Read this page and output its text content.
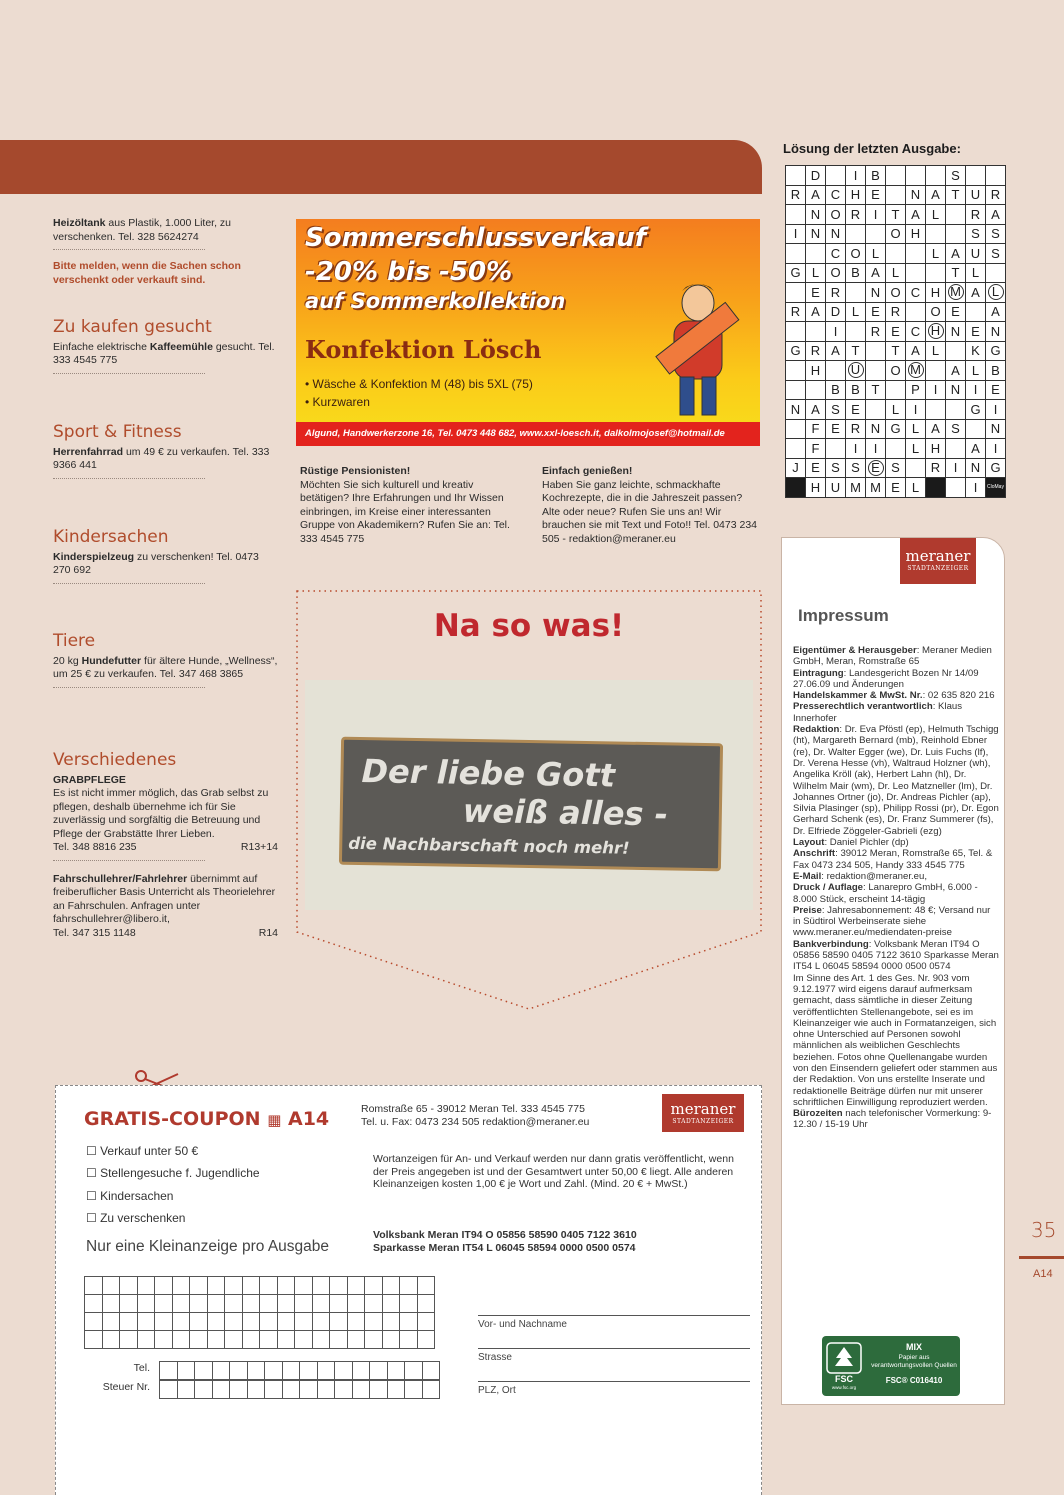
Heizöltank aus Plastik, 1.000 Liter, zu verschenken. Tel. 328 5624274
Bitte melden, wenn die Sachen schon verschenkt oder verkauft sind.
Zu kaufen gesucht
Einfache elektrische Kaffeemühle gesucht. Tel. 333 4545 775
Sport & Fitness
Herrenfahrrad um 49 € zu verkaufen. Tel. 333 9366 441
Kindersachen
Kinderspielzeug zu verschenken! Tel. 0473 270 692
Tiere
20 kg Hundefutter für ältere Hunde, „Wellness“, um 25 € zu verkaufen. Tel. 347 468 3865
Verschiedenes
GRABPFLEGE
Es ist nicht immer möglich, das Grab selbst zu pflegen, deshalb übernehme ich für Sie zuverlässig und sorgfältig die Betreuung und Pflege der Grabstätte Ihrer Lieben.
Tel. 348 8816 235	R13+14
Fahrschullehrer/Fahrlehrer übernimmt auf freiberuflicher Basis Unterricht als Theorielehrer an Fahrschulen. Anfragen unter fahrschullehrer@libero.it,
Tel. 347 315 1148	R14
Sommerschlussverkauf
-20% bis -50%
auf Sommerkollektion
Konfektion Lösch
• Wäsche & Konfektion M (48) bis 5XL (75)
• Kurzwaren
Algund, Handwerkerzone 16, Tel. 0473 448 682, www.xxl-loesch.it, dalkolmojosef@hotmail.de
Rüstige Pensionisten!
Möchten Sie sich kulturell und kreativ betätigen? Ihre Erfahrungen und Ihr Wissen einbringen, im Kreise einer interessanten Gruppe von Akademikern? Rufen Sie an: Tel. 333 4545 775
Einfach genießen!
Haben Sie ganz leichte, schmackhafte Kochrezepte, die in die Jahreszeit passen? Alte oder neue? Rufen Sie uns an! Wir brauchen sie mit Text und Foto!! Tel. 0473 234 505 - redaktion@meraner.eu
Na so was!
Der liebe Gott
weiß alles -
die Nachbarschaft noch mehr!
Lösung der letzten Ausgabe:
	D		I	B				S		
R	A	C	H	E		N	A	T	U	R
	N	O	R	I	T	A	L		R	A
I	N	N			O	H			S	S
		C	O	L			L	A	U	S
G	L	O	B	A	L			T	L	
	E	R		N	O	C	H	M	A	L
R	A	D	L	E	R		O	E		A
		I		R	E	C	H	N	E	N
G	R	A	T		T	A	L		K	G
	H		U		O	M		A	L	B
		B	B	T		P	I	N	I	E
N	A	S	E		L	I			G	I
	F	E	R	N	G	L	A	S		N
	F		I	I		L	H		A	I
J	E	S	S	E	S		R	I	N	G
	H	U	M	M	E	L			I	CloMay
meraner
STADTANZEIGER
Impressum
Eigentümer & Herausgeber: Meraner Medien GmbH, Meran, Romstraße 65
Eintragung: Landesgericht Bozen Nr 14/09 27.06.09 und Änderungen
Handelskammer & MwSt. Nr.: 02 635 820 216
Presserechtlich verantwortlich: Klaus Innerhofer
Redaktion: Dr. Eva Pföstl (ep), Helmuth Tschigg (ht), Margareth Bernard (mb), Reinhold Ebner (re), Dr. Walter Egger (we), Dr. Luis Fuchs (lf), Dr. Verena Hesse (vh), Waltraud Holzner (wh), Angelika Kröll (ak), Herbert Lahn (hl), Dr. Wilhelm Mair (wm), Dr. Leo Matzneller (lm), Dr. Johannes Ortner (jo), Dr. Andreas Pichler (ap), Silvia Plasinger (sp), Philipp Rossi (pr), Dr. Egon Gerhard Schenk (es), Dr. Franz Summerer (fs), Dr. Elfriede Zöggeler-Gabrieli (ezg)
Layout: Daniel Pichler (dp)
Anschrift: 39012 Meran, Romstraße 65, Tel. & Fax 0473 234 505, Handy 333 4545 775
E-Mail: redaktion@meraner.eu,
Druck / Auflage: Lanarepro GmbH, 6.000 - 8.000 Stück, erscheint 14-tägig
Preise: Jahresabonnement: 48 €; Versand nur in Südtirol Werbeinserate siehe www.meraner.eu/mediendaten-preise
Bankverbindung: Volksbank Meran IT94 O 05856 58590 0405 7122 3610 Sparkasse Meran IT54 L 06045 58594 0000 0500 0574
Im Sinne des Art. 1 des Ges. Nr. 903 vom 9.12.1977 wird eigens darauf aufmerksam gemacht, dass sämtliche in dieser Zeitung veröffentlichten Stellenangebote, sei es im Kleinanzeiger wie auch in Formatanzeigen, sich ohne Unterschied auf Personen sowohl männlichen als weiblichen Geschlechts beziehen. Fotos ohne Quellenangabe wurden von den Einsendern geliefert oder stammen aus der Redaktion. Von uns erstellte Inserate und redaktionelle Beiträge dürfen nur mit unserer schriftlichen Einwilligung reproduziert werden.
Bürozeiten nach telefonischer Vormerkung: 9-12.30 / 15-19 Uhr
FSC
www.fsc.org
MIX
Papier aus verantwortungsvollen Quellen
FSC® C016410
35
A14
GRATIS-COUPON ▦ A14	Romstraße 65 - 39012 Meran Tel. 333 4545 775
Tel. u. Fax: 0473 234 505 redaktion@meraner.eu
meraner
STADTANZEIGER
☐ Verkauf unter 50 €
☐ Stellengesuche f. Jugendliche
☐ Kindersachen
☐ Zu verschenken
Nur eine Kleinanzeige pro Ausgabe
Wortanzeigen für An- und Verkauf werden nur dann gratis veröffentlicht, wenn der Preis angegeben ist und der Gesamtwert unter 50,00 € liegt. Alle anderen Kleinanzeigen kosten 1,00 € je Wort und Zahl. (Mind. 20 € + MwSt.)
Volksbank Meran IT94 O 05856 58590 0405 7122 3610
Sparkasse Meran IT54 L 06045 58594 0000 0500 0574

Tel.

Steuer Nr.

Vor- und Nachname
Strasse
PLZ, Ort
